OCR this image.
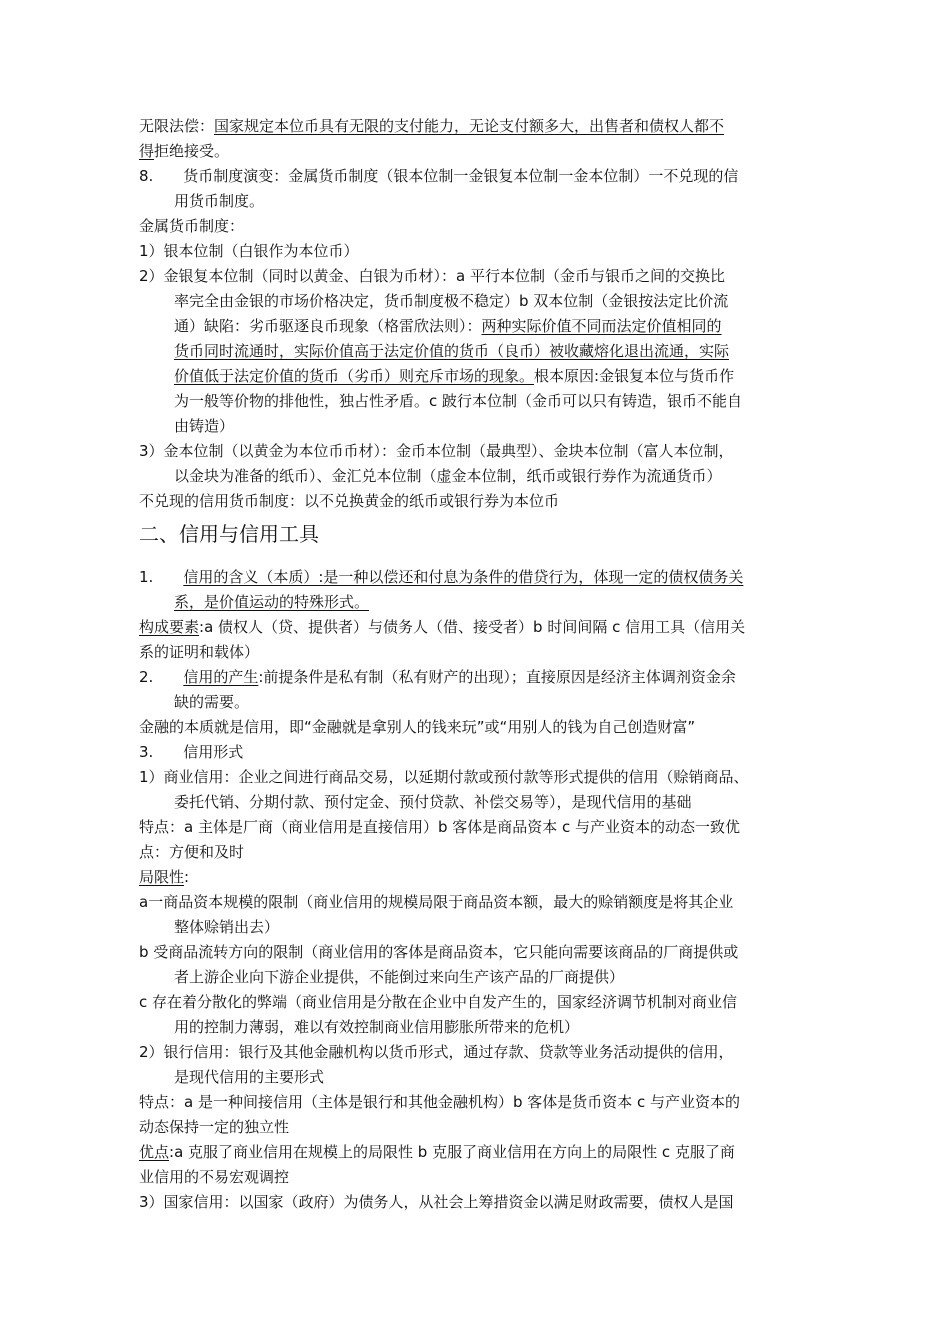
无限法偿：国家规定本位币具有无限的支付能力，无论支付额多大，出售者和债权人都不
得拒绝接受。
8.　　货币制度演变：金属货币制度（银本位制一金银复本位制一金本位制）一不兑现的信
用货币制度。
金属货币制度：
1）银本位制（白银作为本位币）
2）金银复本位制（同时以黄金、白银为币材）：a 平行本位制（金币与银币之间的交换比
率完全由金银的市场价格决定，货币制度极不稳定）b 双本位制（金银按法定比价流
通）缺陷：劣币驱逐良币现象（格雷欣法则）：两种实际价值不同而法定价值相同的
货币同时流通时，实际价值高于法定价值的货币（良币）被收藏熔化退出流通，实际
价值低于法定价值的货币（劣币）则充斥市场的现象。根本原因:金银复本位与货币作
为一般等价物的排他性，独占性矛盾。c 跛行本位制（金币可以只有铸造，银币不能自
由铸造）
3）金本位制（以黄金为本位币币材）：金币本位制（最典型）、金块本位制（富人本位制，
以金块为准备的纸币）、金汇兑本位制（虚金本位制，纸币或银行券作为流通货币）
不兑现的信用货币制度：以不兑换黄金的纸币或银行券为本位币
二、信用与信用工具
1.　　信用的含义（本质）:是一种以偿还和付息为条件的借贷行为，体现一定的债权债务关
系，是价值运动的特殊形式。
构成要素:a 债权人（贷、提供者）与债务人（借、接受者）b 时间间隔 c 信用工具（信用关
系的证明和载体）
2.　　信用的产生:前提条件是私有制（私有财产的出现）；直接原因是经济主体调剂资金余
缺的需要。
金融的本质就是信用，即“金融就是拿别人的钱来玩”或“用别人的钱为自己创造财富”
3.　　信用形式
1）商业信用：企业之间进行商品交易，以延期付款或预付款等形式提供的信用（赊销商品、
委托代销、分期付款、预付定金、预付贷款、补偿交易等），是现代信用的基础
特点：a 主体是厂商（商业信用是直接信用）b 客体是商品资本 c 与产业资本的动态一致优
点：方便和及时
局限性:
a一商品资本规模的限制（商业信用的规模局限于商品资本额，最大的赊销额度是将其企业
整体赊销出去）
b 受商品流转方向的限制（商业信用的客体是商品资本，它只能向需要该商品的厂商提供或
者上游企业向下游企业提供，不能倒过来向生产该产品的厂商提供）
c 存在着分散化的弊端（商业信用是分散在企业中自发产生的，国家经济调节机制对商业信
用的控制力薄弱，难以有效控制商业信用膨胀所带来的危机）
2）银行信用：银行及其他金融机构以货币形式，通过存款、贷款等业务活动提供的信用，
是现代信用的主要形式
特点：a 是一种间接信用（主体是银行和其他金融机构）b 客体是货币资本 c 与产业资本的
动态保持一定的独立性
优点:a 克服了商业信用在规模上的局限性 b 克服了商业信用在方向上的局限性 c 克服了商
业信用的不易宏观调控
3）国家信用：以国家（政府）为债务人，从社会上筹措资金以满足财政需要，债权人是国
